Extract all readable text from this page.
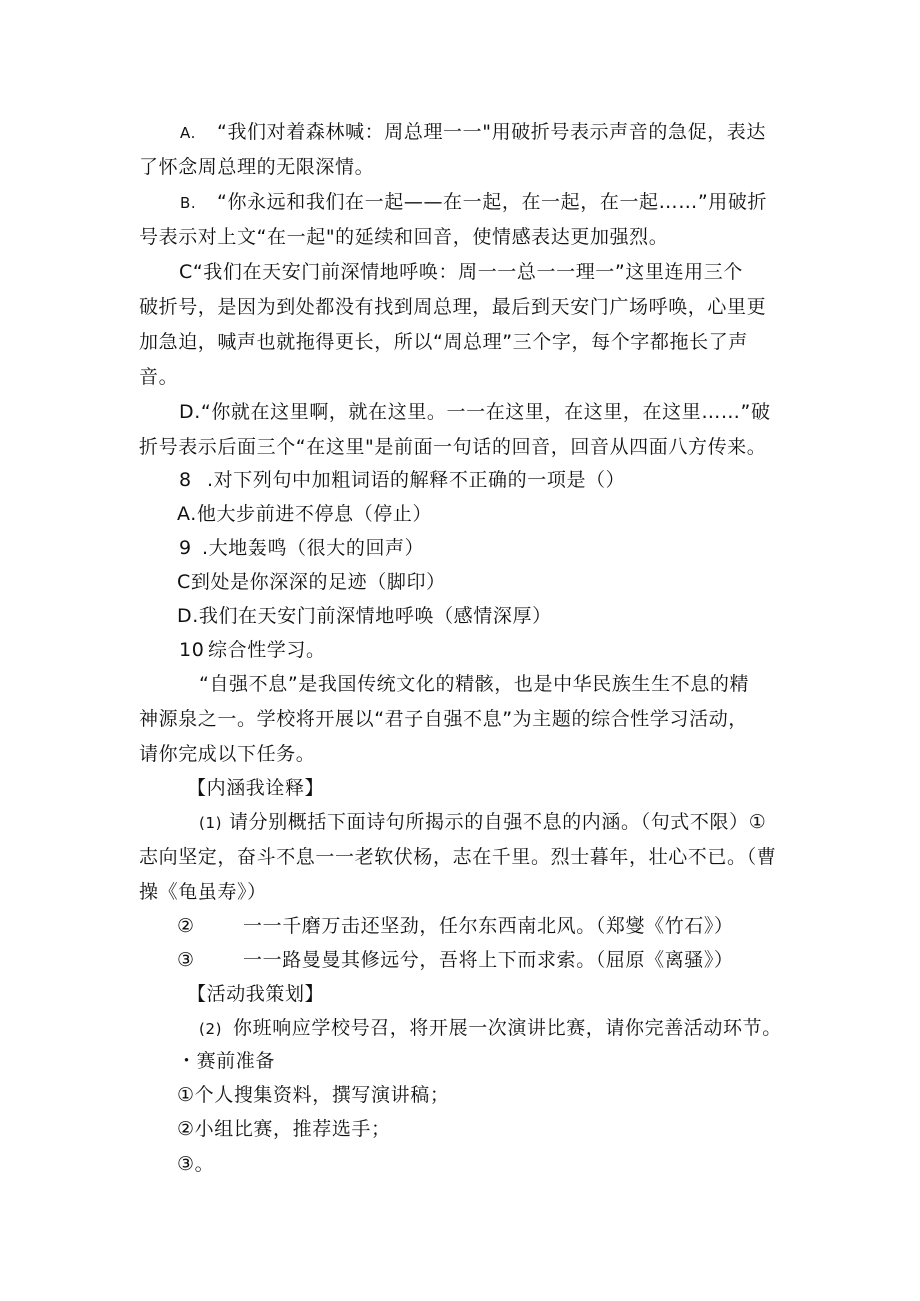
A. “我们对着森林喊：周总理一一"用破折号表示声音的急促，表达
了怀念周总理的无限深情。
B. “你永远和我们在一起——在一起，在一起，在一起……”用破折
号表示对上文“在一起"的延续和回音，使情感表达更加强烈。
C“我们在天安门前深情地呼唤：周一一总一一理一”这里连用三个
破折号，是因为到处都没有找到周总理，最后到天安门广场呼唤，心里更
加急迫，喊声也就拖得更长，所以“周总理”三个字，每个字都拖长了声
音。
D.“你就在这里啊，就在这里。一一在这里，在这里，在这里……”破
折号表示后面三个“在这里"是前面一句话的回音，回音从四面八方传来。
8 .对下列句中加粗词语的解释不正确的一项是（）
A.他大步前进不停息（停止）
9 .大地轰鸣（很大的回声）
C到处是你深深的足迹（脚印）
D.我们在天安门前深情地呼唤（感情深厚）
10 综合性学习。
“自强不息”是我国传统文化的精骸，也是中华民族生生不息的精
神源泉之一。学校将开展以“君子自强不息”为主题的综合性学习活动，
请你完成以下任务。
【内涵我诠释】
(1) 请分别概括下面诗句所揭示的自强不息的内涵。（句式不限）①
志向坚定，奋斗不息一一老软伏杨，志在千里。烈士暮年，壮心不已。（曹
操《龟虽寿》）
②	一一千磨万击还坚劲，任尔东西南北风。（郑燮《竹石》）
③	一一路曼曼其修远兮，吾将上下而求索。（屈原《离骚》）
【活动我策划】
(2) 你班响应学校号召，将开展一次演讲比赛，请你完善活动环节。
・赛前准备
①个人搜集资料，撰写演讲稿；
②小组比赛，推荐选手；
③。
